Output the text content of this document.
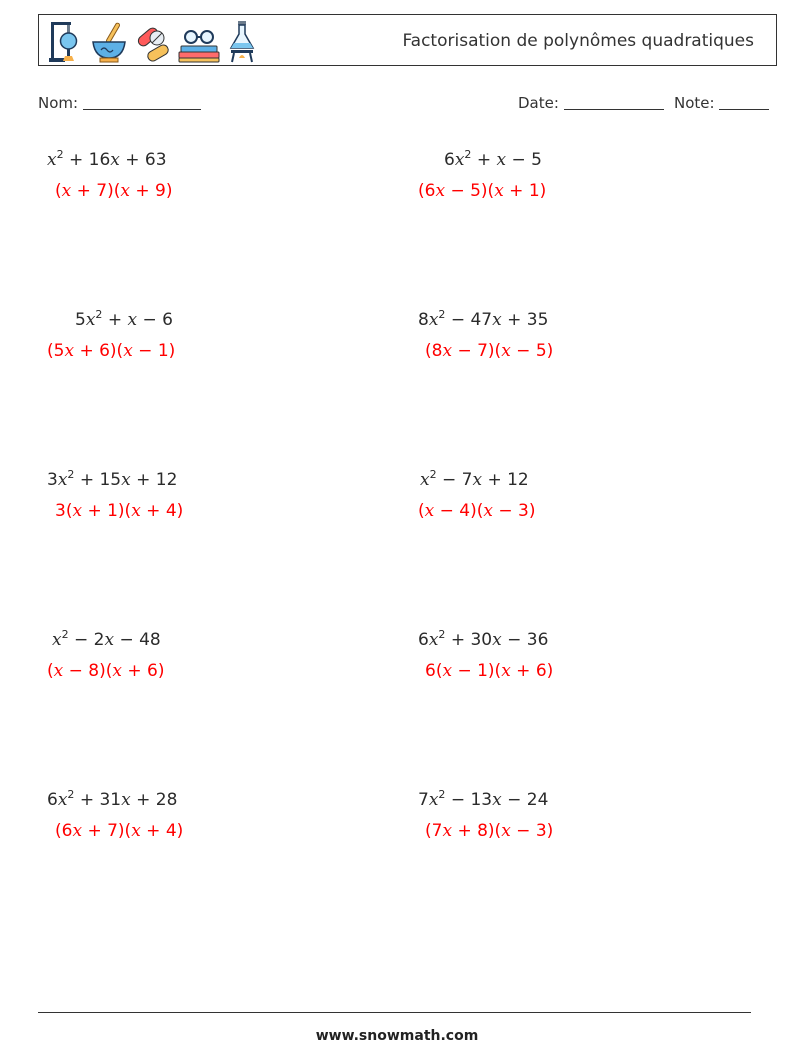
Factorisation de polynômes quadratiques
Nom:	Date:	Note:
$x^2 + 16x + 63$
(x + 7)(x + 9)
$6x^2 + x - 5$
(6x − 5)(x + 1)
$5x^2 + x - 6$
(5x + 6)(x − 1)
$8x^2 - 47x + 35$
(8x − 7)(x − 5)
$3x^2 + 15x + 12$
3(x + 1)(x + 4)
$x^2 - 7x + 12$
(x − 4)(x − 3)
$x^2 - 2x - 48$
(x − 8)(x + 6)
$6x^2 + 30x - 36$
6(x − 1)(x + 6)
$6x^2 + 31x + 28$
(6x + 7)(x + 4)
$7x^2 - 13x - 24$
(7x + 8)(x − 3)
www.snowmath.com
